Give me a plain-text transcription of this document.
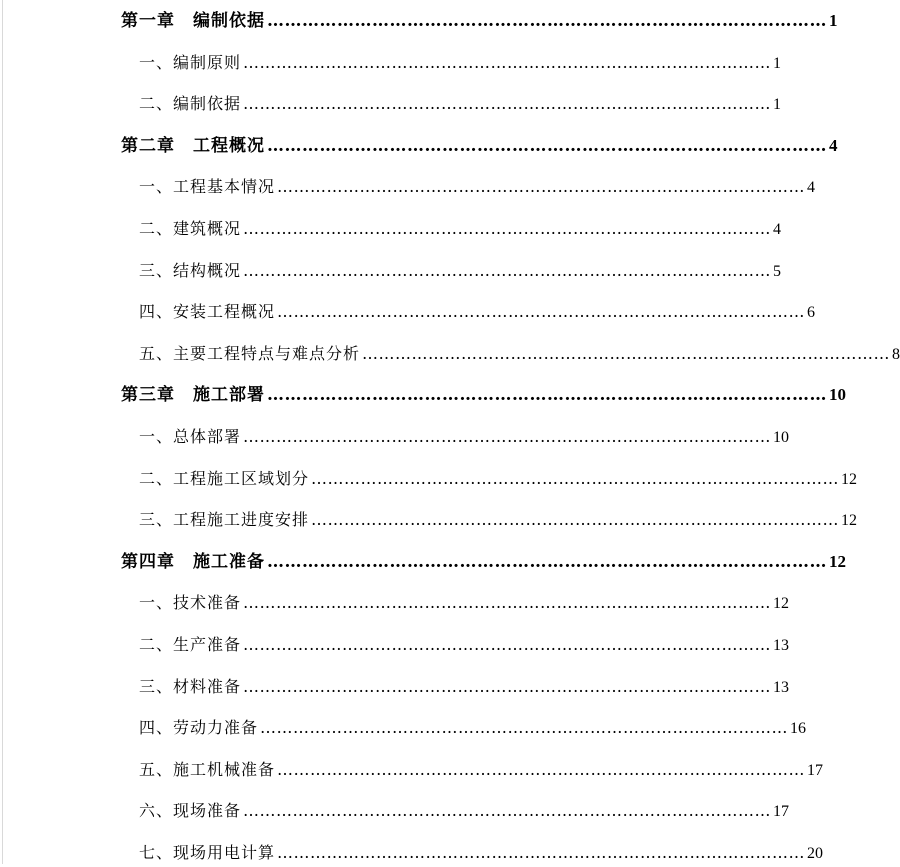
第一章　编制依据 …………………………………………………………………………………… 1
一、编制原则 …………………………………………………………………………………… 1
二、编制依据 …………………………………………………………………………………… 1
第二章　工程概况 …………………………………………………………………………………… 4
一、工程基本情况 …………………………………………………………………………………… 4
二、建筑概况 …………………………………………………………………………………… 4
三、结构概况 …………………………………………………………………………………… 5
四、安装工程概况 …………………………………………………………………………………… 6
五、主要工程特点与难点分析 …………………………………………………………………………………… 8
第三章　施工部署 …………………………………………………………………………………… 10
一、总体部署 …………………………………………………………………………………… 10
二、工程施工区域划分 …………………………………………………………………………………… 12
三、工程施工进度安排 …………………………………………………………………………………… 12
第四章　施工准备 …………………………………………………………………………………… 12
一、技术准备 …………………………………………………………………………………… 12
二、生产准备 …………………………………………………………………………………… 13
三、材料准备 …………………………………………………………………………………… 13
四、劳动力准备 …………………………………………………………………………………… 16
五、施工机械准备 …………………………………………………………………………………… 17
六、现场准备 …………………………………………………………………………………… 17
七、现场用电计算 …………………………………………………………………………………… 20
